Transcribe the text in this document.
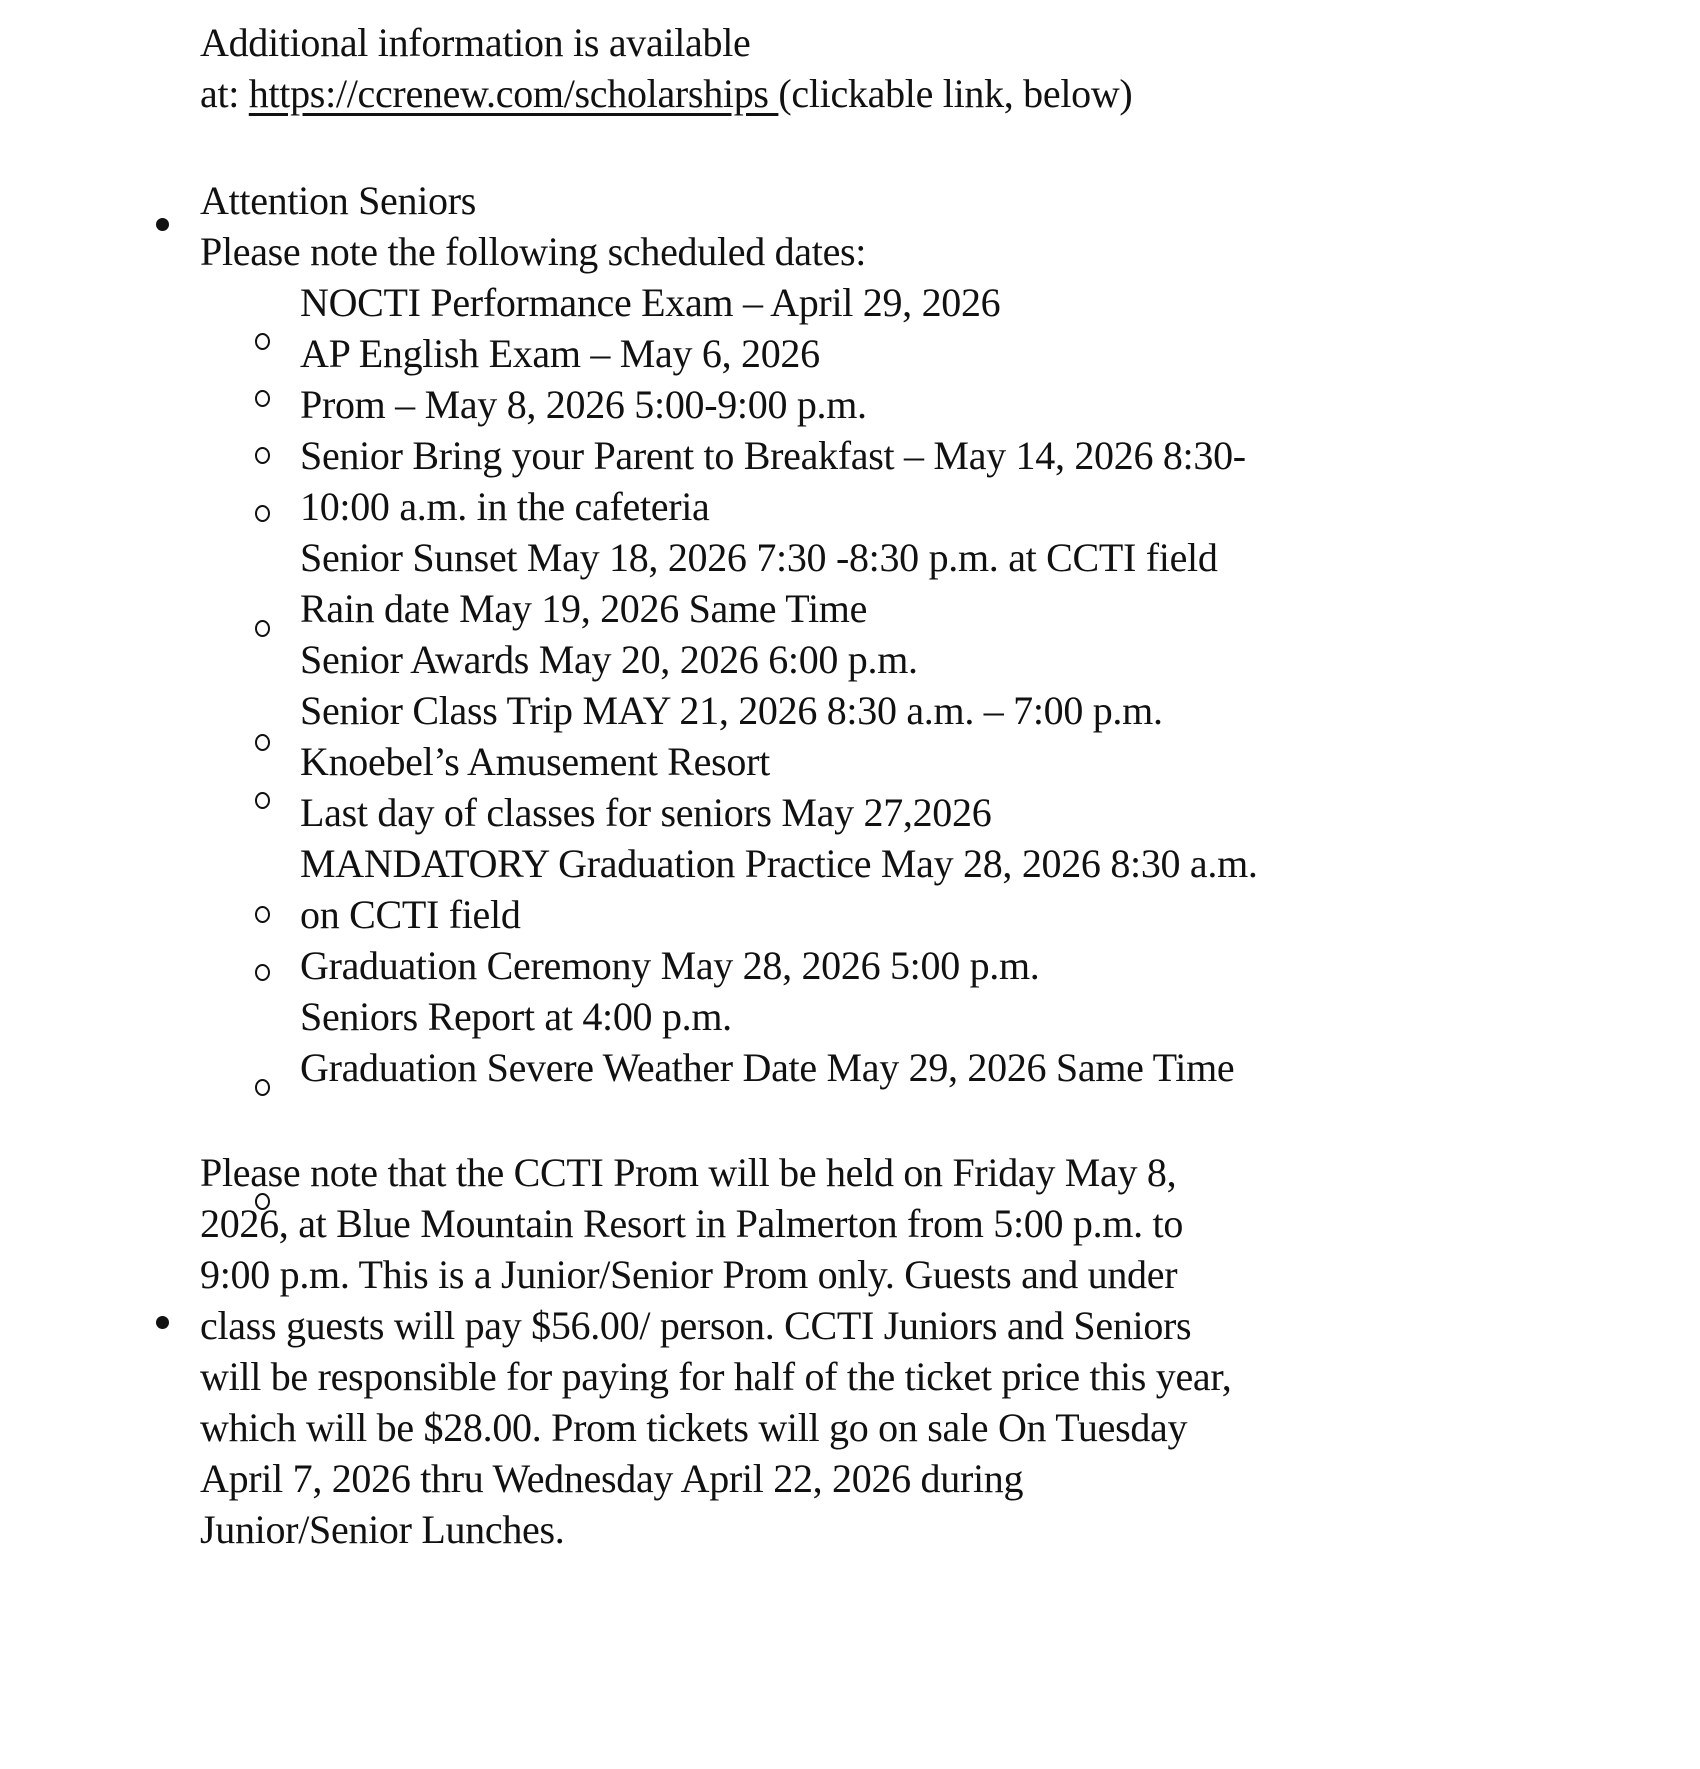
Additional information is available
at: https://ccrenew.com/scholarships (clickable link, below)
Attention Seniors
Please note the following scheduled dates:
NOCTI Performance Exam – April 29, 2026
AP English Exam – May 6, 2026
Prom – May 8, 2026 5:00-9:00 p.m.
Senior Bring your Parent to Breakfast – May 14, 2026 8:30-
10:00 a.m. in the cafeteria
Senior Sunset May 18, 2026 7:30 -8:30 p.m. at CCTI field
Rain date May 19, 2026 Same Time
Senior Awards May 20, 2026 6:00 p.m.
Senior Class Trip MAY 21, 2026 8:30 a.m. – 7:00 p.m.
Knoebel’s Amusement Resort
Last day of classes for seniors May 27,2026
MANDATORY Graduation Practice May 28, 2026 8:30 a.m.
on CCTI field
Graduation Ceremony May 28, 2026 5:00 p.m.
Seniors Report at 4:00 p.m.
Graduation Severe Weather Date May 29, 2026 Same Time
Please note that the CCTI Prom will be held on Friday May 8,
2026, at Blue Mountain Resort in Palmerton from 5:00 p.m. to
9:00 p.m. This is a Junior/Senior Prom only. Guests and under
class guests will pay $56.00/ person. CCTI Juniors and Seniors
will be responsible for paying for half of the ticket price this year,
which will be $28.00. Prom tickets will go on sale On Tuesday
April 7, 2026 thru Wednesday April 22, 2026 during
Junior/Senior Lunches.
